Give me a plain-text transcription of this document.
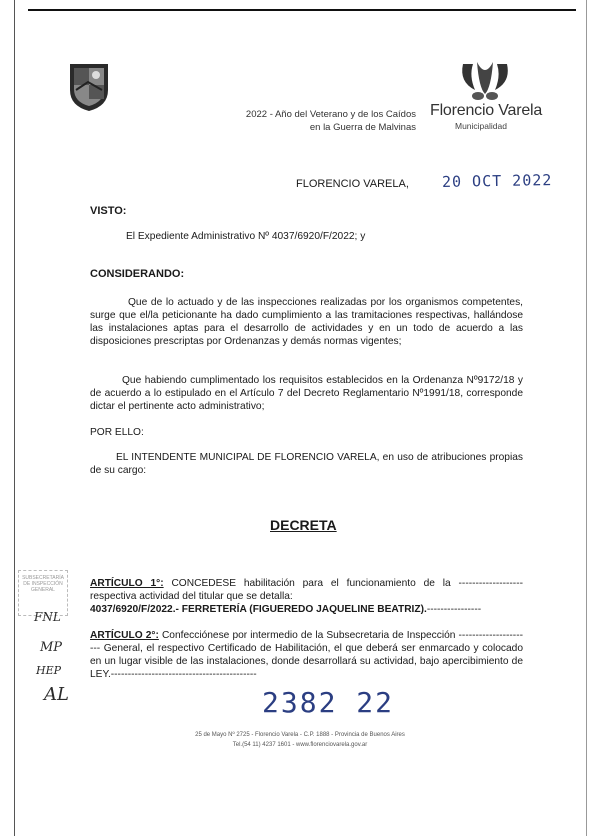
2022 - Año del Veterano y de los Caídos
en la Guerra de Malvinas
Florencio Varela
Municipalidad
FLORENCIO VARELA, 20 OCT 2022
VISTO:
El Expediente Administrativo Nº 4037/6920/F/2022; y
CONSIDERANDO:
Que de lo actuado y de las inspecciones realizadas por los organismos competentes, surge que el/la peticionante ha dado cumplimiento a las tramitaciones respectivas, hallándose las instalaciones aptas para el desarrollo de actividades y en un todo de acuerdo a las disposiciones prescriptas por Ordenanzas y demás normas vigentes;
Que habiendo cumplimentado los requisitos establecidos en la Ordenanza Nº9172/18 y de acuerdo a lo estipulado en el Artículo 7 del Decreto Reglamentario Nº1991/18, corresponde dictar el pertinente acto administrativo;
POR ELLO:
EL INTENDENTE MUNICIPAL DE FLORENCIO VARELA, en uso de atribuciones propias de su cargo:
DECRETA
ARTÍCULO 1°: CONCEDESE habilitación para el funcionamiento de la ------------------- respectiva actividad del titular que se detalla:
4037/6920/F/2022.- FERRETERÍA (FIGUEREDO JAQUELINE BEATRIZ).----------------
ARTÍCULO 2°: Confecciónese por intermedio de la Subsecretaria de Inspección ---------------------- General, el respectivo Certificado de Habilitación, el que deberá ser enmarcado y colocado en un lugar visible de las instalaciones, donde desarrollará su actividad, bajo apercibimiento de LEY.-------------------------------------------
2382 22
25 de Mayo Nº 2725 - Florencio Varela - C.P. 1888 - Provincia de Buenos Aires
Tel.(54 11) 4237 1601 - www.florenciovarela.gov.ar
SUBSECRETARÍA DE INSPECCIÓN GENERAL
FNL
MP
HEP
AL
